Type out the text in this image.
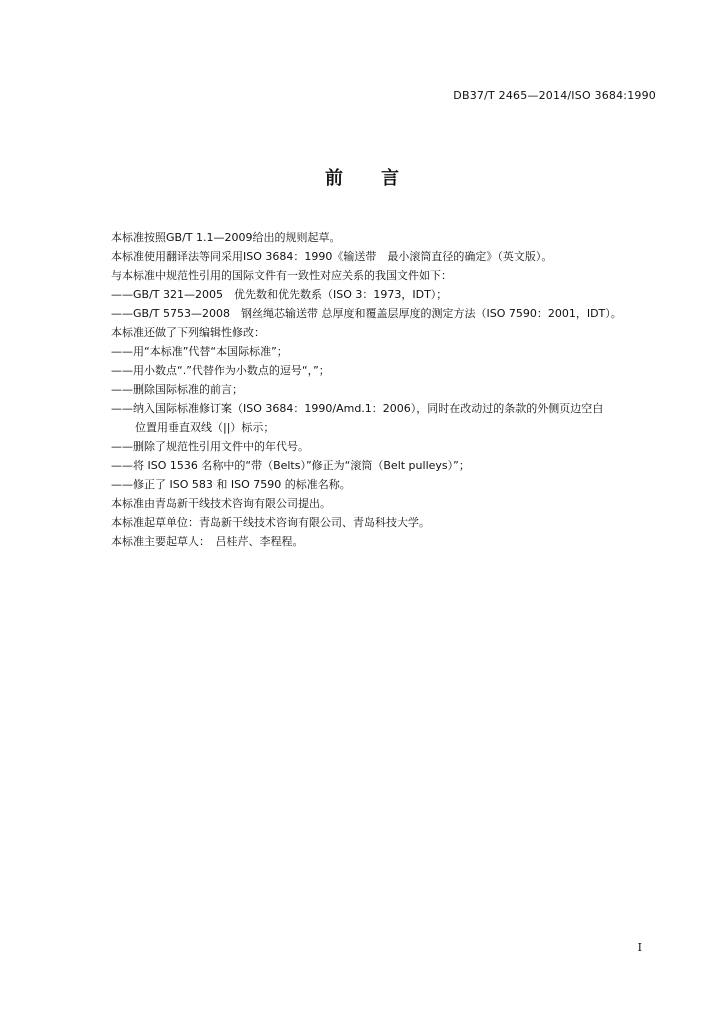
DB37/T 2465—2014/ISO 3684:1990
前言
本标准按照GB/T 1.1—2009给出的规则起草。
本标准使用翻译法等同采用ISO 3684：1990《输送带　最小滚筒直径的确定》（英文版）。
与本标准中规范性引用的国际文件有一致性对应关系的我国文件如下：
——GB/T 321—2005　优先数和优先数系（ISO 3：1973，IDT）；
——GB/T 5753—2008　钢丝绳芯输送带 总厚度和覆盖层厚度的测定方法（ISO 7590：2001，IDT）。
本标准还做了下列编辑性修改：
——用“本标准”代替“本国际标准”；
——用小数点“.”代替作为小数点的逗号“，”；
——删除国际标准的前言；
——纳入国际标准修订案（ISO 3684：1990/Amd.1：2006），同时在改动过的条款的外侧页边空白
位置用垂直双线（||）标示；
——删除了规范性引用文件中的年代号。
——将 ISO 1536 名称中的“带（Belts）”修正为“滚筒（Belt pulleys）”；
——修正了 ISO 583 和 ISO 7590 的标准名称。
本标准由青岛新干线技术咨询有限公司提出。
本标准起草单位：青岛新干线技术咨询有限公司、青岛科技大学。
本标准主要起草人：　吕桂芹、李程程。
I
